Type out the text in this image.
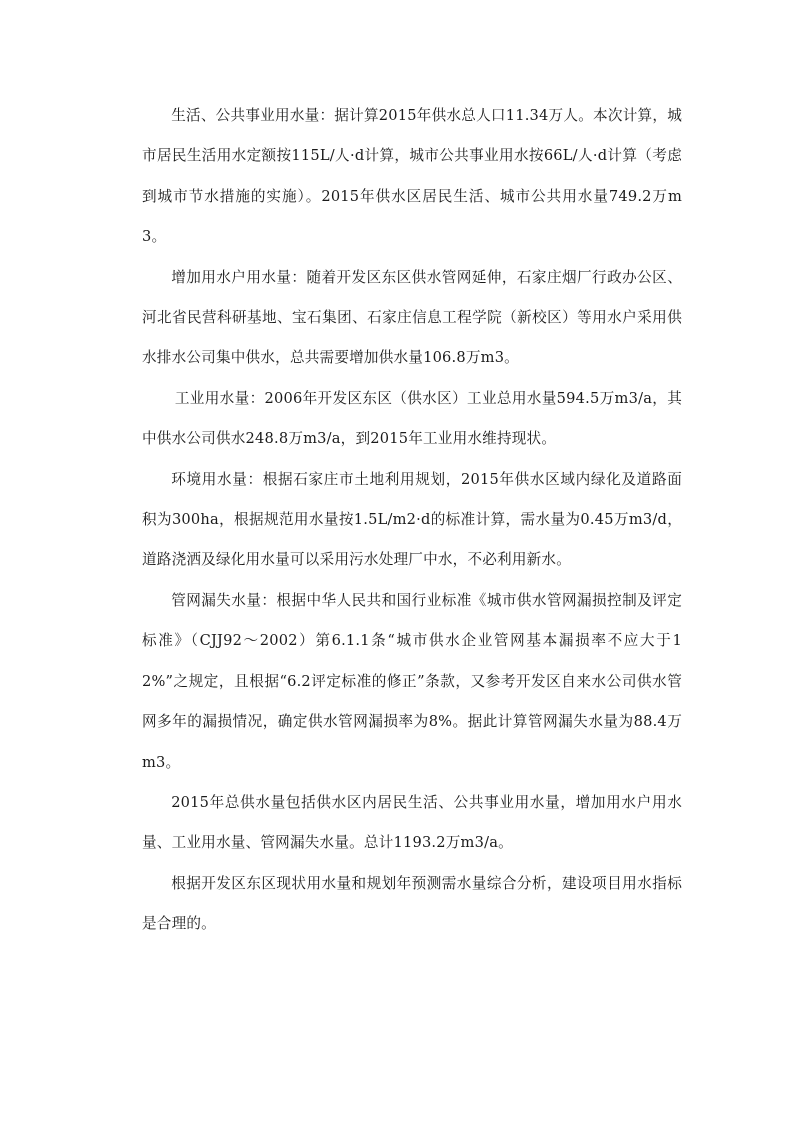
生活、公共事业用水量：据计算2015年供水总人口11.34万人。本次计算，城市居民生活用水定额按115L/人·d计算，城市公共事业用水按66L/人·d计算（考虑到城市节水措施的实施）。2015年供水区居民生活、城市公共用水量749.2万m3。

增加用水户用水量：随着开发区东区供水管网延伸，石家庄烟厂行政办公区、河北省民营科研基地、宝石集团、石家庄信息工程学院（新校区）等用水户采用供水排水公司集中供水，总共需要增加供水量106.8万m3。

工业用水量：2006年开发区东区（供水区）工业总用水量594.5万m3/a，其中供水公司供水248.8万m3/a，到2015年工业用水维持现状。

环境用水量：根据石家庄市土地利用规划，2015年供水区域内绿化及道路面积为300ha，根据规范用水量按1.5L/m2·d的标准计算，需水量为0.45万m3/d，道路浇洒及绿化用水量可以采用污水处理厂中水，不必利用新水。

管网漏失水量：根据中华人民共和国行业标准《城市供水管网漏损控制及评定标准》（CJJ92～2002）第6.1.1条“城市供水企业管网基本漏损率不应大于12%”之规定，且根据“6.2评定标准的修正”条款，又参考开发区自来水公司供水管网多年的漏损情况，确定供水管网漏损率为8%。据此计算管网漏失水量为88.4万m3。

2015年总供水量包括供水区内居民生活、公共事业用水量，增加用水户用水量、工业用水量、管网漏失水量。总计1193.2万m3/a。

根据开发区东区现状用水量和规划年预测需水量综合分析，建设项目用水指标是合理的。
